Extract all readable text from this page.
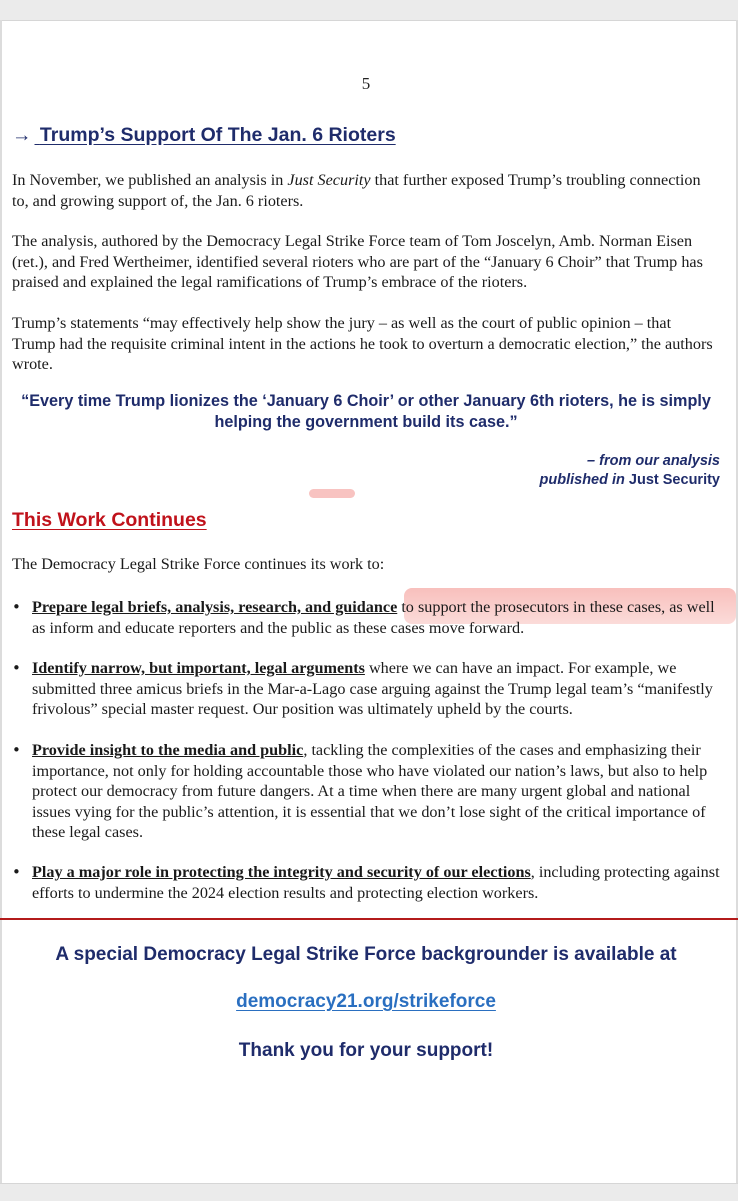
5
→ Trump’s Support Of The Jan. 6 Rioters

In November, we published an analysis in Just Security that further exposed Trump’s troubling connection to, and growing support of, the Jan. 6 rioters.

The analysis, authored by the Democracy Legal Strike Force team of Tom Joscelyn, Amb. Norman Eisen (ret.), and Fred Wertheimer, identified several rioters who are part of the “January 6 Choir” that Trump has praised and explained the legal ramifications of Trump’s embrace of the rioters.

Trump’s statements “may effectively help show the jury – as well as the court of public opinion – that Trump had the requisite criminal intent in the actions he took to overturn a democratic election,” the authors wrote.

“Every time Trump lionizes the ‘January 6 Choir’ or other January 6th rioters, he is simply helping the government build its case.”
– from our analysis
published in Just Security
This Work Continues

The Democracy Legal Strike Force continues its work to:

• Prepare legal briefs, analysis, research, and guidance to support the prosecutors in these cases, as well as inform and educate reporters and the public as these cases move forward.
• Identify narrow, but important, legal arguments where we can have an impact. For example, we submitted three amicus briefs in the Mar-a-Lago case arguing against the Trump legal team’s “manifestly frivolous” special master request. Our position was ultimately upheld by the courts.
• Provide insight to the media and public, tackling the complexities of the cases and emphasizing their importance, not only for holding accountable those who have violated our nation’s laws, but also to help protect our democracy from future dangers. At a time when there are many urgent global and national issues vying for the public’s attention, it is essential that we don’t lose sight of the critical importance of these legal cases.
• Play a major role in protecting the integrity and security of our elections, including protecting against efforts to undermine the 2024 election results and protecting election workers.
A special Democracy Legal Strike Force backgrounder is available at
democracy21.org/strikeforce
Thank you for your support!
